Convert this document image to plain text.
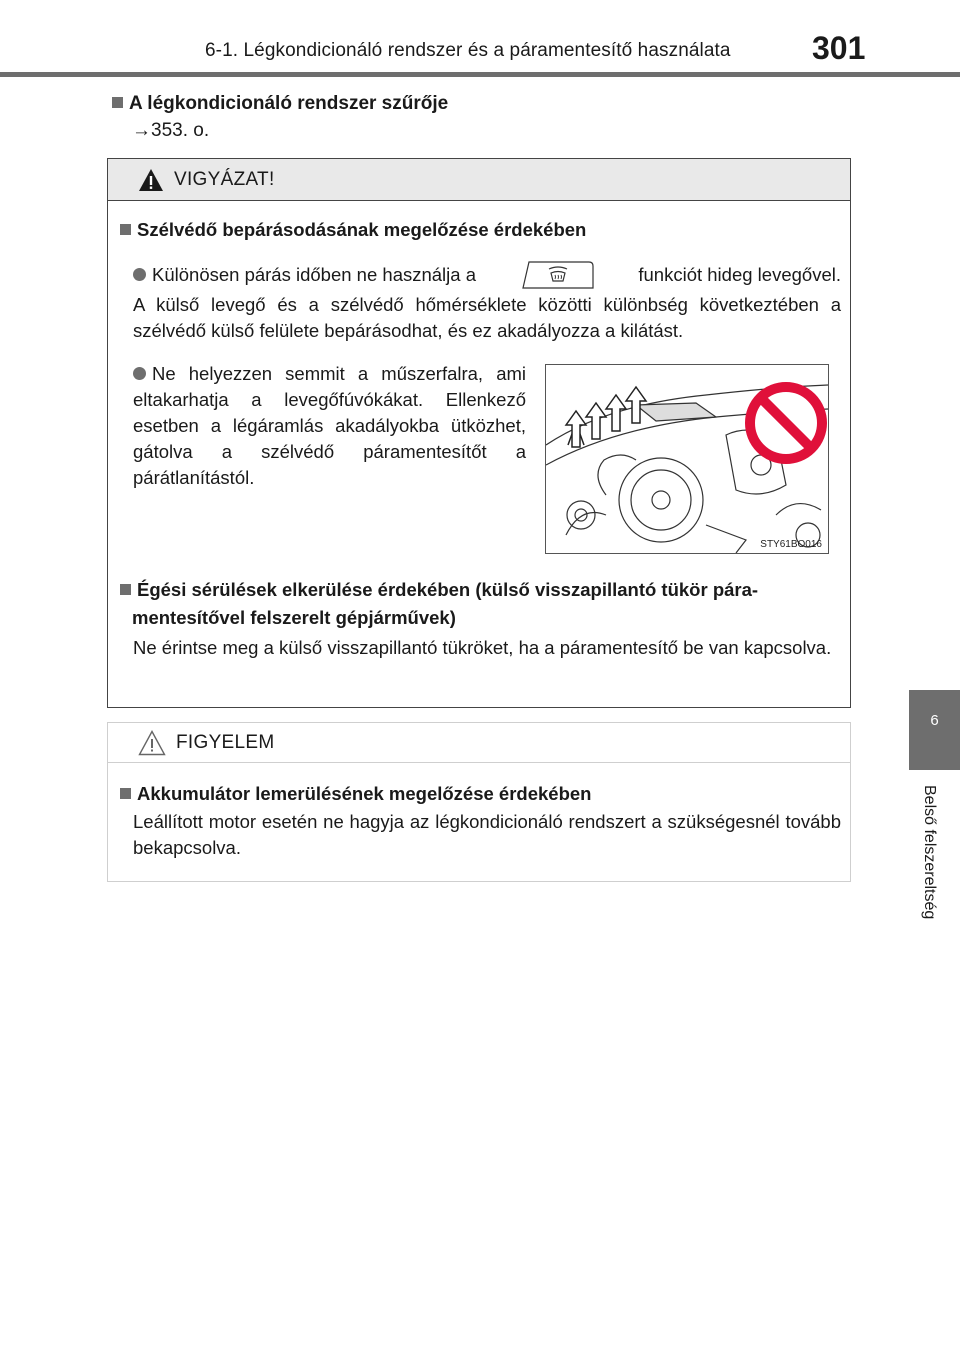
6-1. Légkondicionáló rendszer és a páramentesítő használata	301
6
Belső felszereltség
A légkondicionáló rendszer szűrője
→353. o.
VIGYÁZAT!
Szélvédő bepárásodásának megelőzése érdekében
Különösen párás időben ne használja a	funkciót hideg levegővel.
A külső levegő és a szélvédő hőmérséklete közötti különbség következtében a szélvédő külső felülete bepárásodhat, és ez akadályozza a kilátást.
Ne helyezzen semmit a műszerfalra, ami eltakarhatja a levegőfúvókákat. Ellenkező esetben a légáramlás akadályokba ütközhet, gátolva a szélvédő páramentesítőt a párátlanítástól.
STY61BO016
Égési sérülések elkerülése érdekében (külső visszapillantó tükör pára-
mentesítővel felszerelt gépjárművek)
Ne érintse meg a külső visszapillantó tükröket, ha a páramentesítő be van kapcsolva.
FIGYELEM
Akkumulátor lemerülésének megelőzése érdekében
Leállított motor esetén ne hagyja az légkondicionáló rendszert a szükségesnél tovább bekapcsolva.
